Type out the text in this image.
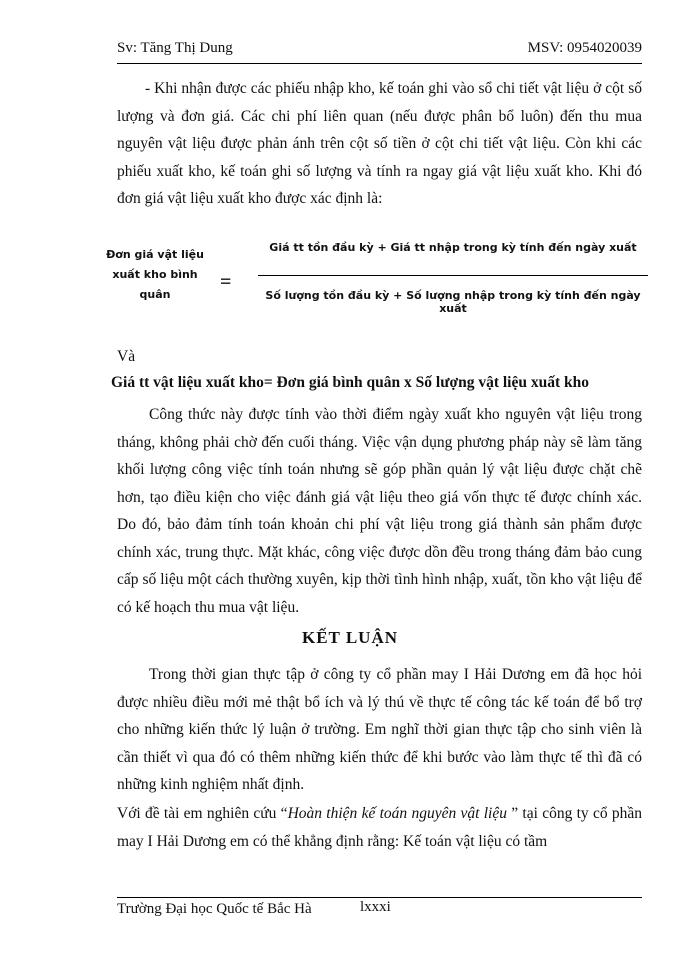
Sv: Tăng Thị Dung	MSV: 0954020039
- Khi nhận được các phiếu nhập kho, kế toán ghi vào sổ chi tiết vật liệu ở cột số lượng và đơn giá. Các chi phí liên quan (nếu được phân bổ luôn) đến thu mua nguyên vật liệu được phản ánh trên cột số tiền ở cột chi tiết vật liệu. Còn khi các phiếu xuất kho, kế toán ghi số lượng và tính ra ngay giá vật liệu xuất kho. Khi đó đơn giá vật liệu xuất kho được xác định là:
Đơn giá vật liệu
xuất kho bình
quân
=
Giá tt tồn đầu kỳ + Giá tt nhập trong kỳ tính đến ngày xuất
Số lượng tồn đầu kỳ + Số lượng nhập trong kỳ tính đến ngày xuất
Và
Giá tt vật liệu xuất kho= Đơn giá bình quân x Số lượng vật liệu xuất kho
Công thức này được tính vào thời điểm ngày xuất kho nguyên vật liệu trong tháng, không phải chờ đến cuối tháng. Việc vận dụng phương pháp này sẽ làm tăng khối lượng công việc tính toán nhưng sẽ góp phần quản lý vật liệu được chặt chẽ hơn, tạo điều kiện cho việc đánh giá vật liệu theo giá vốn thực tế được chính xác. Do đó, bảo đảm tính toán khoản chi phí vật liệu trong giá thành sản phẩm được chính xác, trung thực. Mặt khác, công việc được dồn đều trong tháng đảm bảo cung cấp số liệu một cách thường xuyên, kịp thời tình hình nhập, xuất, tồn kho vật liệu để có kế hoạch thu mua vật liệu.
KẾT LUẬN
Trong thời gian thực tập ở công ty cổ phần may I Hải Dương em đã học hỏi được nhiều điều mới mẻ thật bổ ích và lý thú về thực tế công tác kế toán để bổ trợ cho những kiến thức lý luận ở trường. Em nghĩ thời gian thực tập cho sinh viên là cần thiết vì qua đó có thêm những kiến thức để khi bước vào làm thực tế thì đã có những kinh nghiệm nhất định.
Với đề tài em nghiên cứu “Hoàn thiện kế toán nguyên vật liệu ” tại công ty cổ phần may I Hải Dương em có thể khẳng định rằng: Kế toán vật liệu có tầm
Trường Đại học Quốc tế Bắc Hà	lxxxi
